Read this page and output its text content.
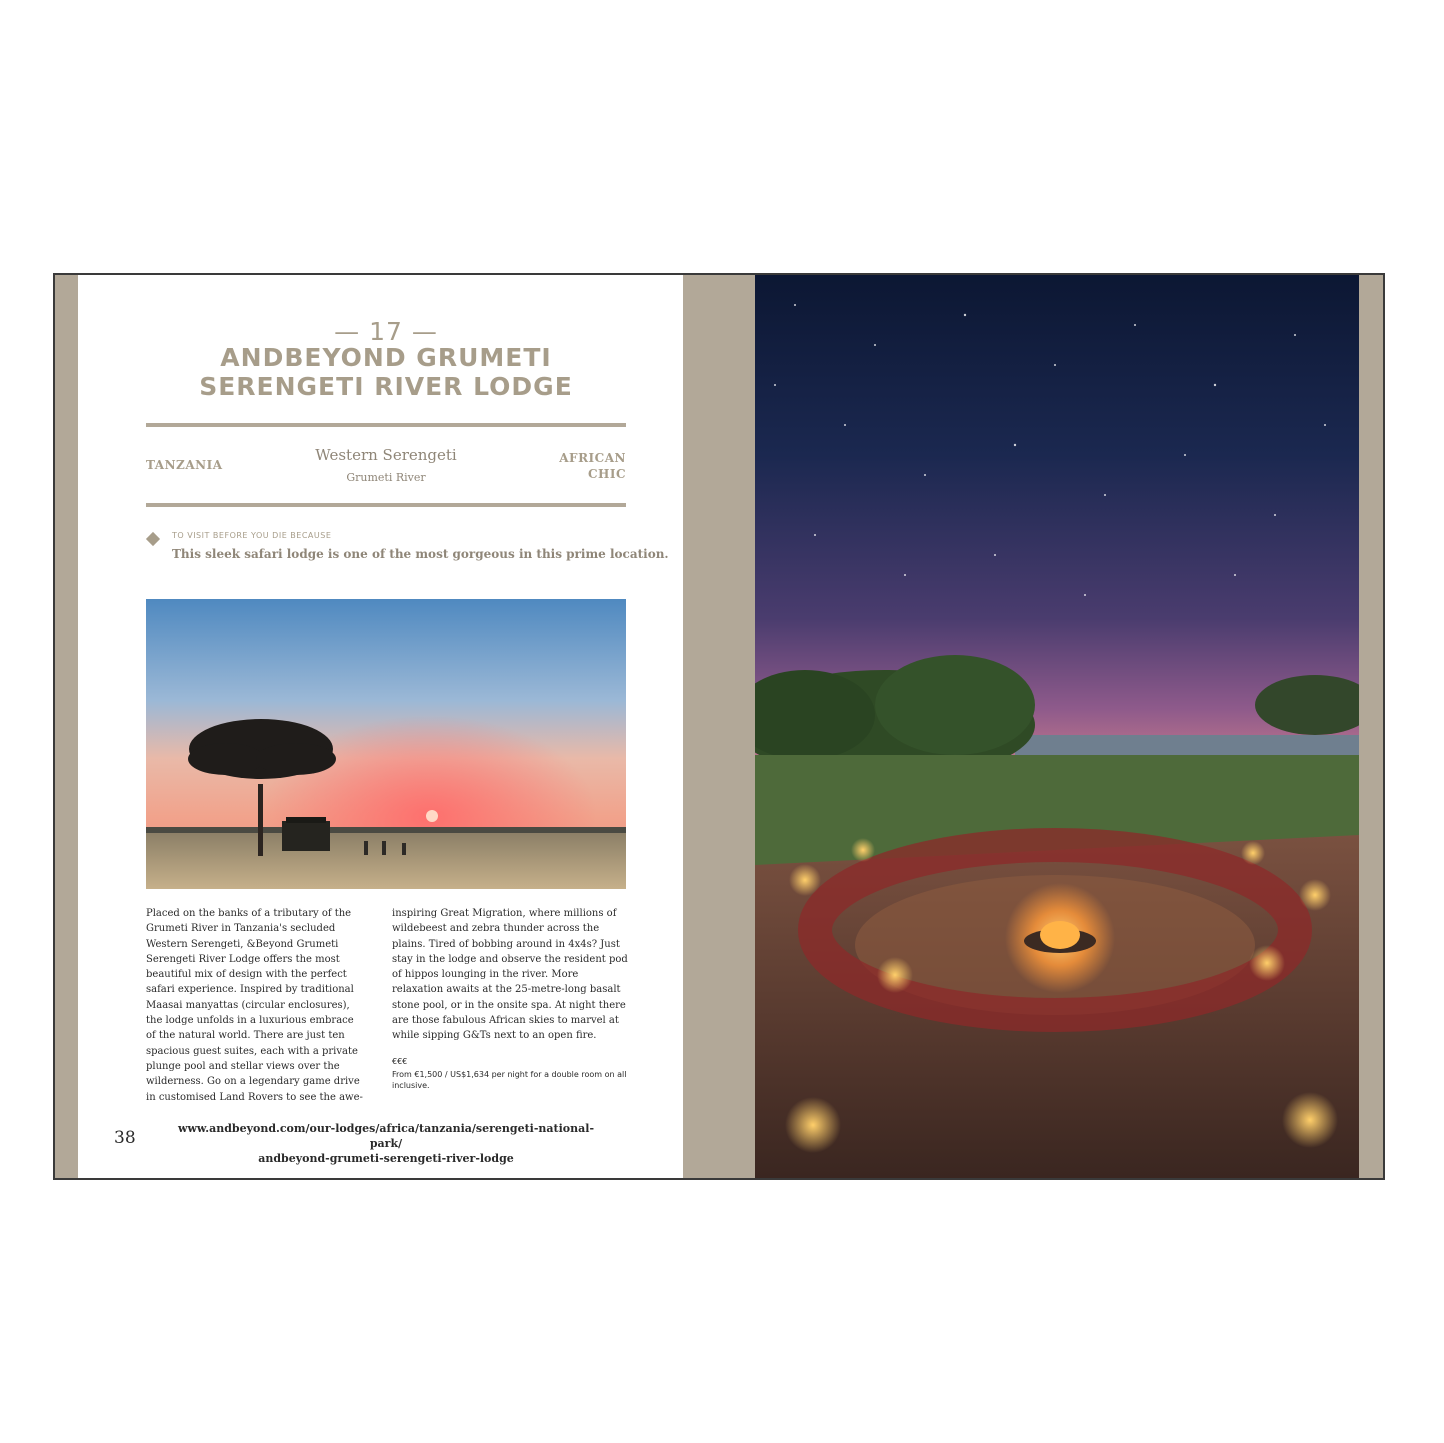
— 17 —
ANDBEYOND GRUMETI
SERENGETI RIVER LODGE
TANZANIA
Western Serengeti
Grumeti River
AFRICAN
CHIC
TO VISIT BEFORE YOU DIE BECAUSE
This sleek safari lodge is one of the most gorgeous in this prime location.
Placed on the banks of a tributary of the Grumeti River in Tanzania's secluded Western Serengeti, &Beyond Grumeti Serengeti River Lodge offers the most beautiful mix of design with the perfect safari experience. Inspired by traditional Maasai manyattas (circular enclosures), the lodge unfolds in a luxurious embrace of the natural world. There are just ten spacious guest suites, each with a private plunge pool and stellar views over the wilderness. Go on a legendary game drive in customised Land Rovers to see the awe-
inspiring Great Migration, where millions of wildebeest and zebra thunder across the plains. Tired of bobbing around in 4x4s? Just stay in the lodge and observe the resident pod of hippos lounging in the river. More relaxation awaits at the 25-metre-long basalt stone pool, or in the onsite spa. At night there are those fabulous African skies to marvel at while sipping G&Ts next to an open fire.
€€€
From €1,500 / US$1,634 per night for a double room on all inclusive.
38	www.andbeyond.com/our-lodges/africa/tanzania/serengeti-national-park/
andbeyond-grumeti-serengeti-river-lodge
